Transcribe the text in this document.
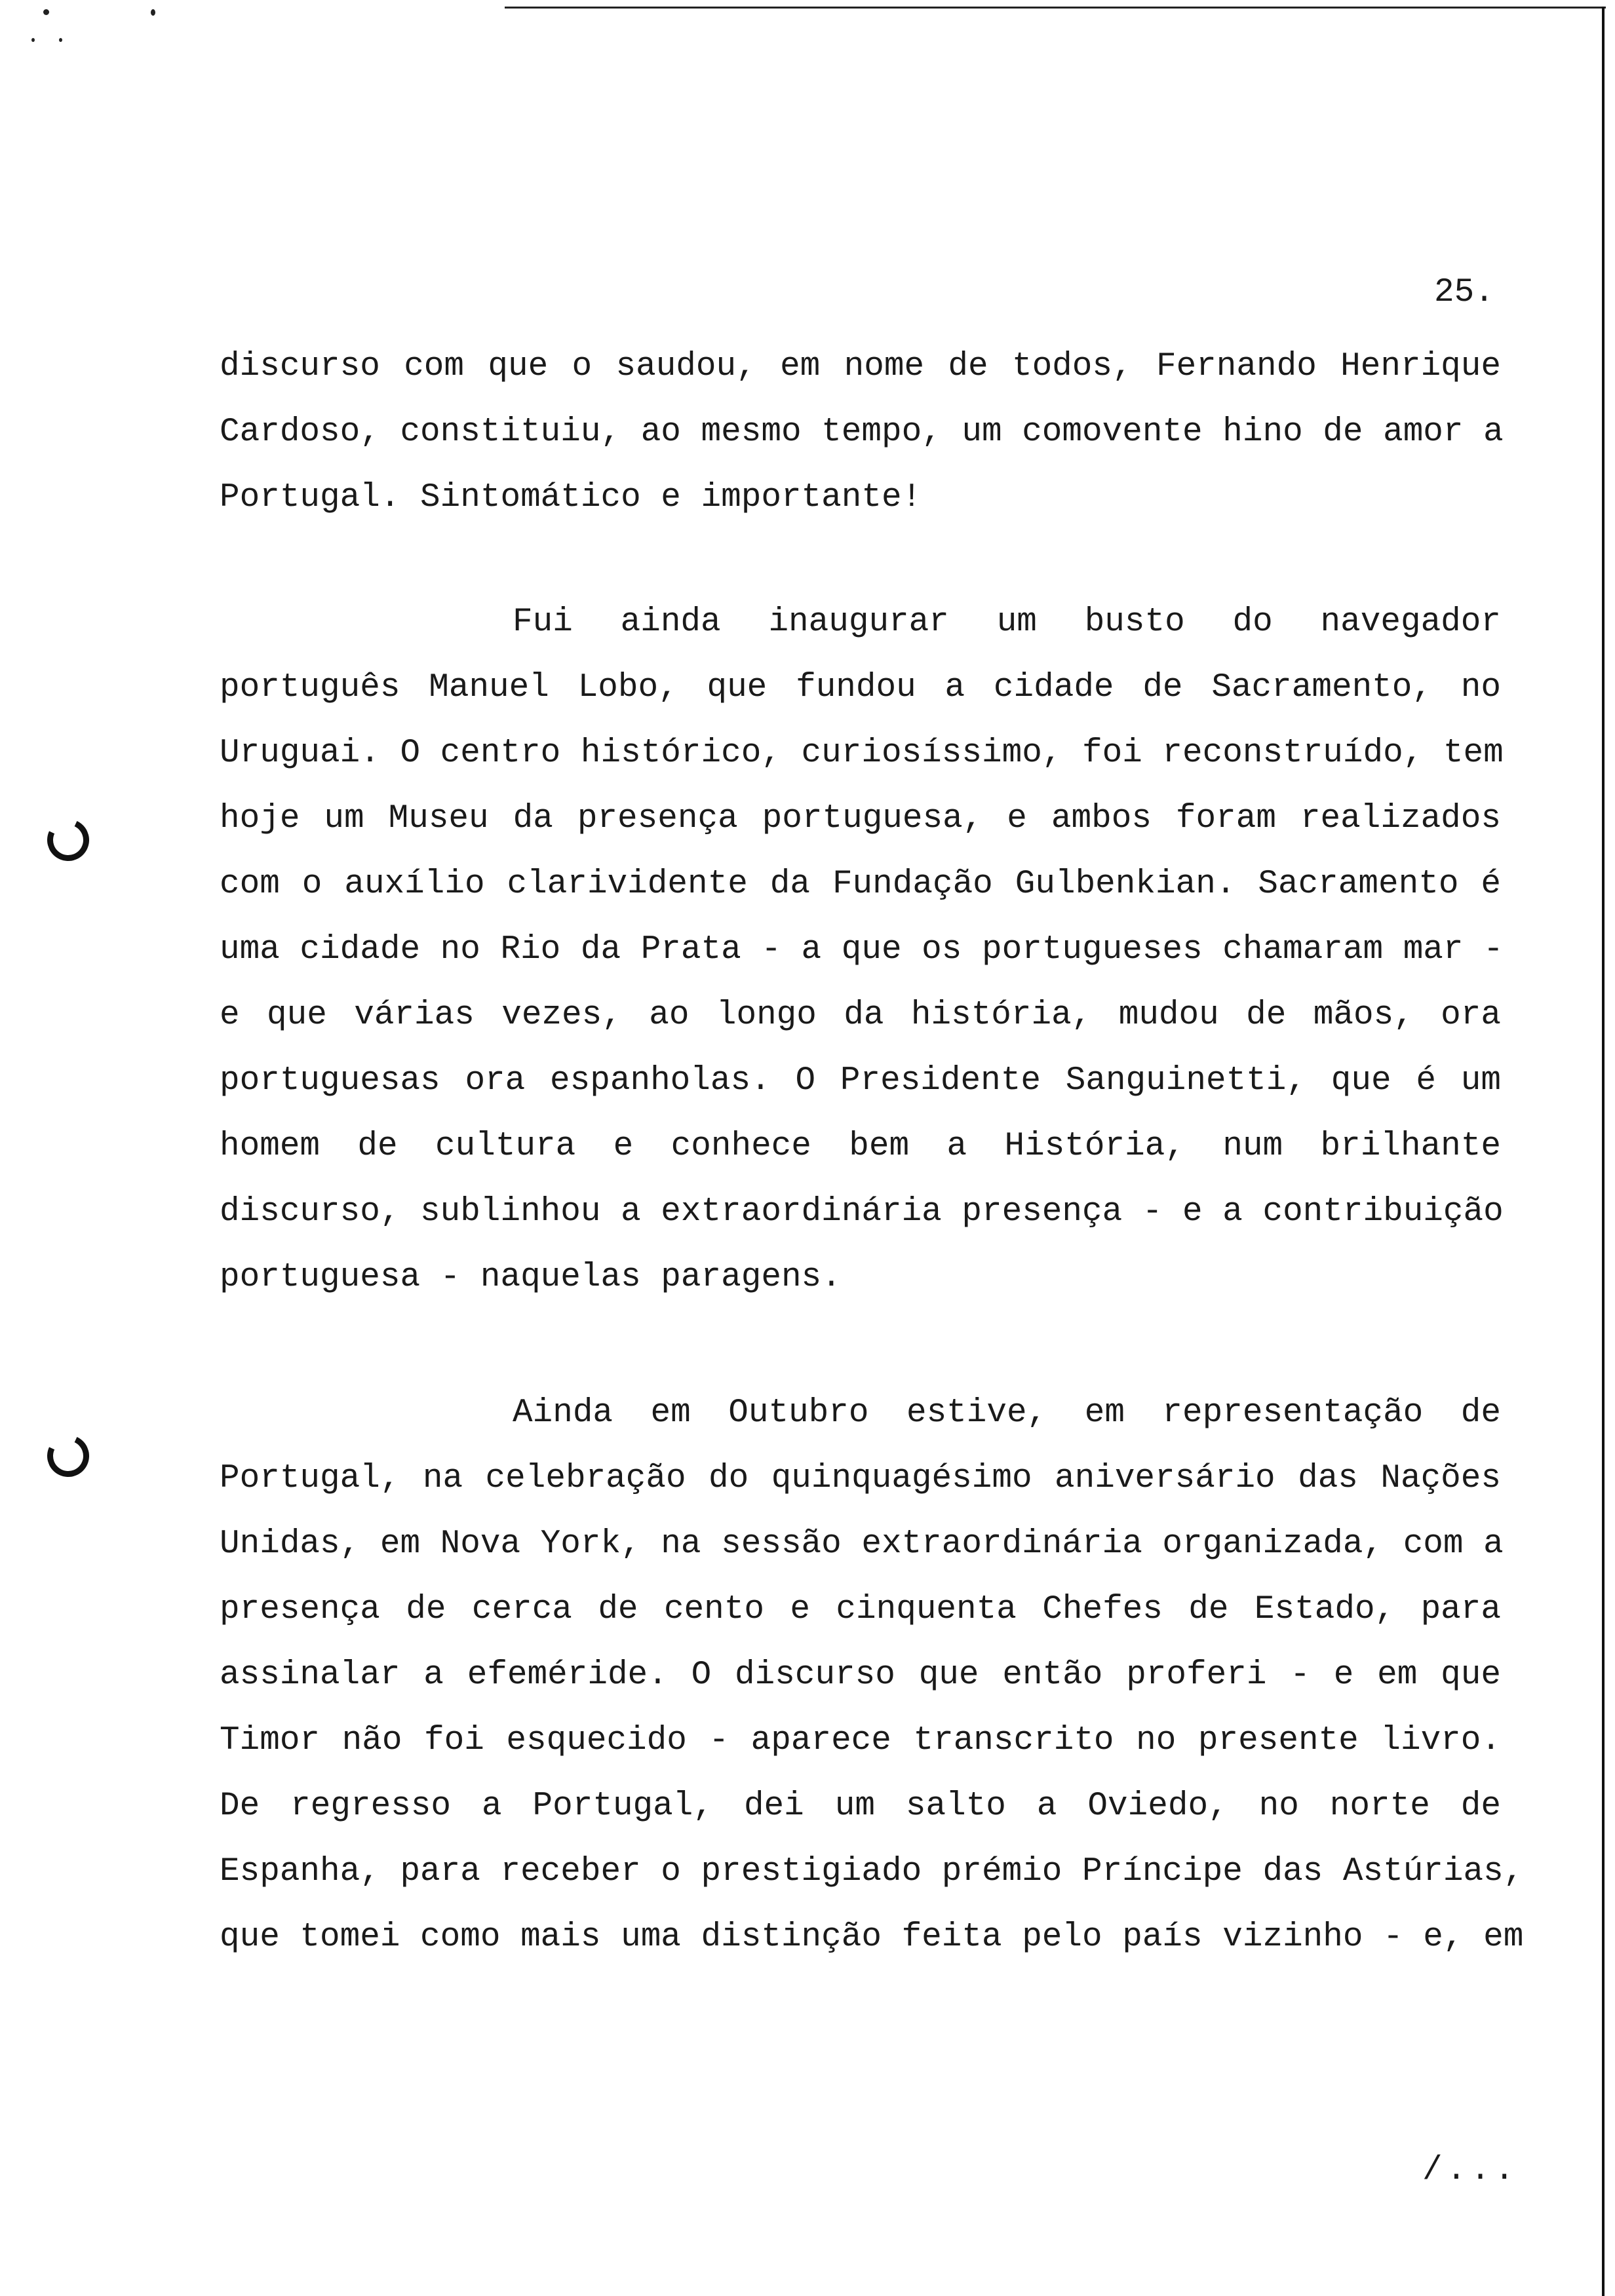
25.
discurso com que o saudou, em nome de todos, Fernando Henrique
Cardoso, constituiu, ao mesmo tempo, um comovente hino de amor a
Portugal. Sintomático e importante!
Fui ainda inaugurar um busto do navegador
português Manuel Lobo, que fundou a cidade de Sacramento, no
Uruguai. O centro histórico, curiosíssimo, foi reconstruído, tem
hoje um Museu da presença portuguesa, e ambos foram realizados
com o auxílio clarividente da Fundação Gulbenkian. Sacramento é
uma cidade no Rio da Prata - a que os portugueses chamaram mar -
e que várias vezes, ao longo da história, mudou de mãos, ora
portuguesas ora espanholas. O Presidente Sanguinetti, que é um
homem de cultura e conhece bem a História, num brilhante
discurso, sublinhou a extraordinária presença - e a contribuição
portuguesa - naquelas paragens.
Ainda em Outubro estive, em representação de
Portugal, na celebração do quinquagésimo aniversário das Nações
Unidas, em Nova York, na sessão extraordinária organizada, com a
presença de cerca de cento e cinquenta Chefes de Estado, para
assinalar a efeméride. O discurso que então proferi - e em que
Timor não foi esquecido - aparece transcrito no presente livro.
De regresso a Portugal, dei um salto a Oviedo, no norte de
Espanha, para receber o prestigiado prémio Príncipe das Astúrias,
que tomei como mais uma distinção feita pelo país vizinho - e, em
/...
